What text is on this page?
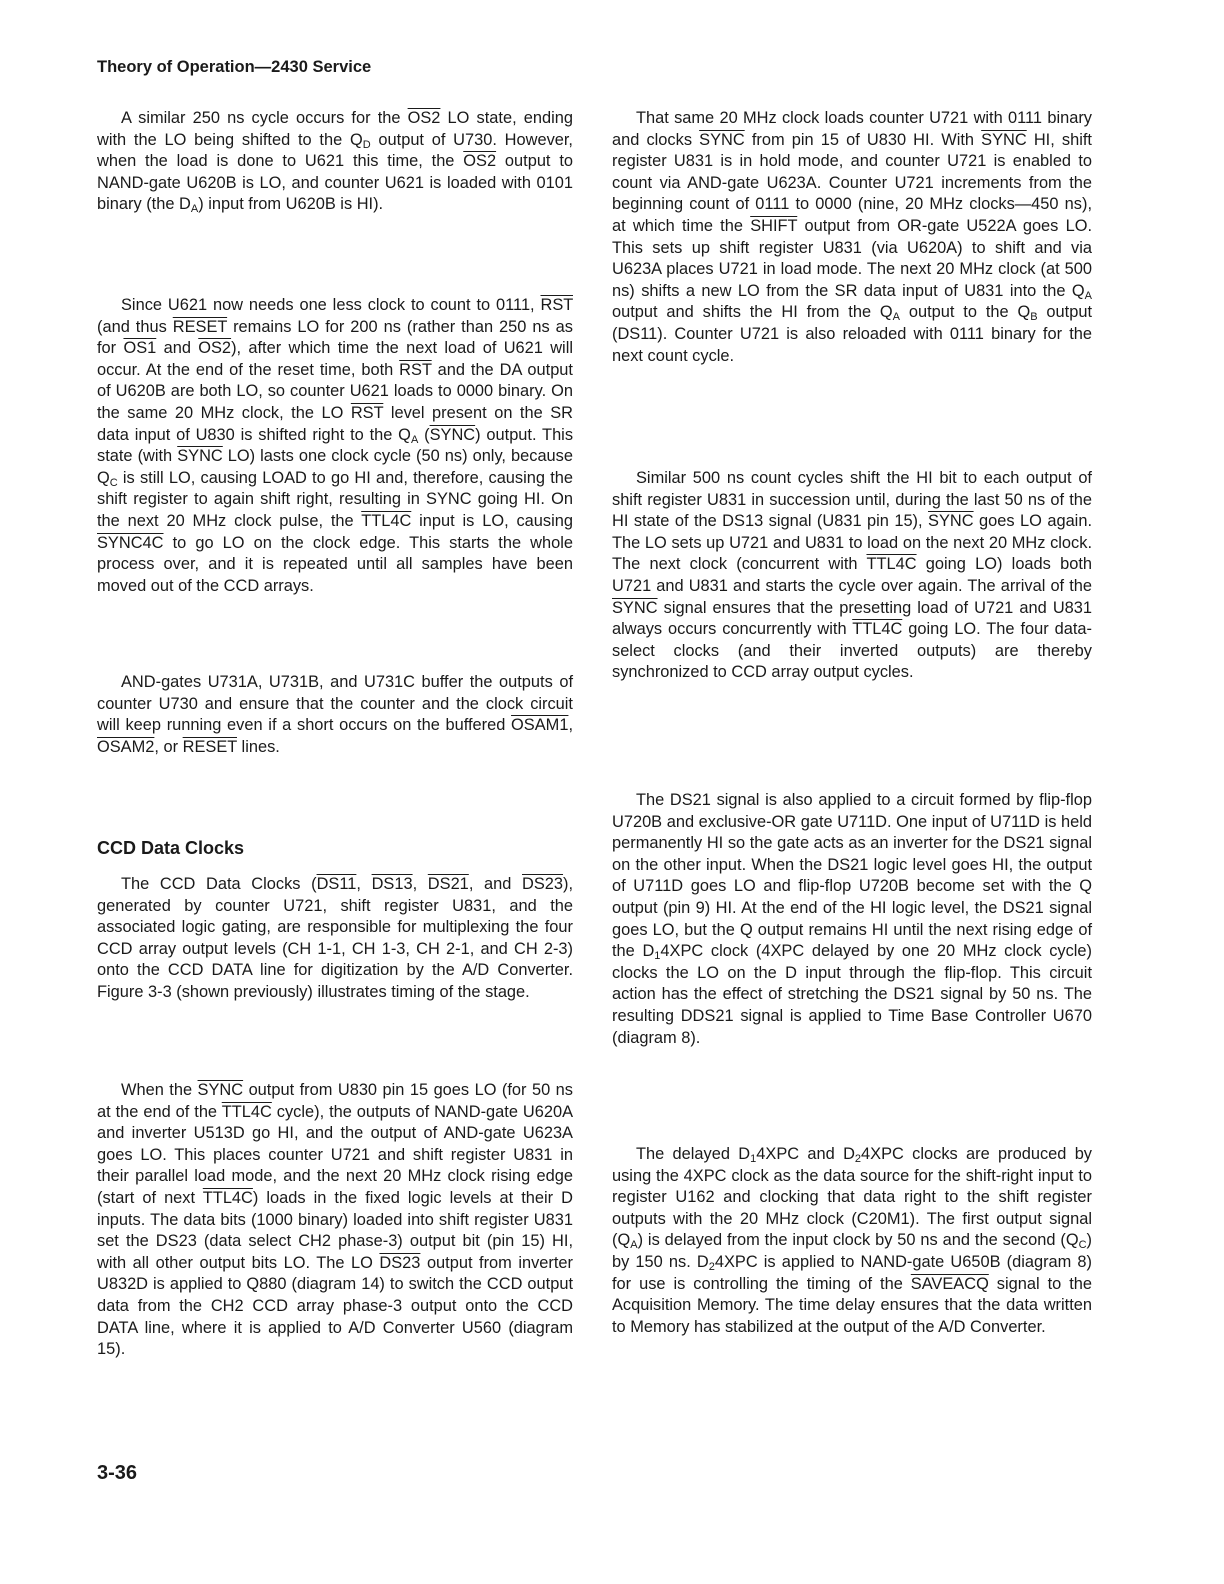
Theory of Operation—2430 Service

A similar 250 ns cycle occurs for the OS2 LO state, ending with the LO being shifted to the $Q_D$ output of U730. However, when the load is done to U621 this time, the OS2 output to NAND-gate U620B is LO, and counter U621 is loaded with 0101 binary (the $D_A$) input from U620B is HI).

Since U621 now needs one less clock to count to 0111, $\overline{RST}$ (and thus RESET remains LO for 200 ns (rather than 250 ns as for OS1 and OS2), after which time the next load of U621 will occur. At the end of the reset time, both $\overline{RST}$ and the DA output of U620B are both LO, so counter U621 loads to 0000 binary. On the same 20 MHz clock, the LO $\overline{RST}$ level present on the SR data input of U830 is shifted right to the $Q_A$ (SYNC) output. This state (with SYNC LO) lasts one clock cycle (50 ns) only, because $Q_C$ is still LO, causing LOAD to go HI and, therefore, causing the shift register to again shift right, resulting in SYNC going HI. On the next 20 MHz clock pulse, the TTL4C input is LO, causing SYNC4C to go LO on the clock edge. This starts the whole process over, and it is repeated until all samples have been moved out of the CCD arrays.

AND-gates U731A, U731B, and U731C buffer the outputs of counter U730 and ensure that the counter and the clock circuit will keep running even if a short occurs on the buffered OSAM1, OSAM2, or RESET lines.

CCD Data Clocks

The CCD Data Clocks (DS11, DS13, DS21, and DS23), generated by counter U721, shift register U831, and the associated logic gating, are responsible for multiplexing the four CCD array output levels (CH 1-1, CH 1-3, CH 2-1, and CH 2-3) onto the CCD DATA line for digitization by the A/D Converter. Figure 3-3 (shown previously) illustrates timing of the stage.

When the SYNC output from U830 pin 15 goes LO (for 50 ns at the end of the TTL4C cycle), the outputs of NAND-gate U620A and inverter U513D go HI, and the output of AND-gate U623A goes LO. This places counter U721 and shift register U831 in their parallel load mode, and the next 20 MHz clock rising edge (start of next TTL4C) loads in the fixed logic levels at their D inputs. The data bits (1000 binary) loaded into shift register U831 set the DS23 (data select CH2 phase-3) output bit (pin 15) HI, with all other output bits LO. The LO DS23 output from inverter U832D is applied to Q880 (diagram 14) to switch the CCD output data from the CH2 CCD array phase-3 output onto the CCD DATA line, where it is applied to A/D Converter U560 (diagram 15).

That same 20 MHz clock loads counter U721 with 0111 binary and clocks SYNC from pin 15 of U830 HI. With SYNC HI, shift register U831 is in hold mode, and counter U721 is enabled to count via AND-gate U623A. Counter U721 increments from the beginning count of 0111 to 0000 (nine, 20 MHz clocks—450 ns), at which time the SHIFT output from OR-gate U522A goes LO. This sets up shift register U831 (via U620A) to shift and via U623A places U721 in load mode. The next 20 MHz clock (at 500 ns) shifts a new LO from the SR data input of U831 into the $Q_A$ output and shifts the HI from the $Q_A$ output to the $Q_B$ output (DS11). Counter U721 is also reloaded with 0111 binary for the next count cycle.

Similar 500 ns count cycles shift the HI bit to each output of shift register U831 in succession until, during the last 50 ns of the HI state of the DS13 signal (U831 pin 15), SYNC goes LO again. The LO sets up U721 and U831 to load on the next 20 MHz clock. The next clock (concurrent with TTL4C going LO) loads both U721 and U831 and starts the cycle over again. The arrival of the SYNC signal ensures that the presetting load of U721 and U831 always occurs concurrently with TTL4C going LO. The four data-select clocks (and their inverted outputs) are thereby synchronized to CCD array output cycles.

The DS21 signal is also applied to a circuit formed by flip-flop U720B and exclusive-OR gate U711D. One input of U711D is held permanently HI so the gate acts as an inverter for the DS21 signal on the other input. When the DS21 logic level goes HI, the output of U711D goes LO and flip-flop U720B become set with the Q output (pin 9) HI. At the end of the HI logic level, the DS21 signal goes LO, but the Q output remains HI until the next rising edge of the $D_14XPC$ clock (4XPC delayed by one 20 MHz clock cycle) clocks the LO on the D input through the flip-flop. This circuit action has the effect of stretching the DS21 signal by 50 ns. The resulting DDS21 signal is applied to Time Base Controller U670 (diagram 8).

The delayed $D_14XPC$ and $D_24XPC$ clocks are produced by using the 4XPC clock as the data source for the shift-right input to register U162 and clocking that data right to the shift register outputs with the 20 MHz clock (C20M1). The first output signal $(Q_A)$ is delayed from the input clock by 50 ns and the second $(Q_C)$ by 150 ns. $D_24XPC$ is applied to NAND-gate U650B (diagram 8) for use is controlling the timing of the SAVEACQ signal to the Acquisition Memory. The time delay ensures that the data written to Memory has stabilized at the output of the A/D Converter.

3-36
